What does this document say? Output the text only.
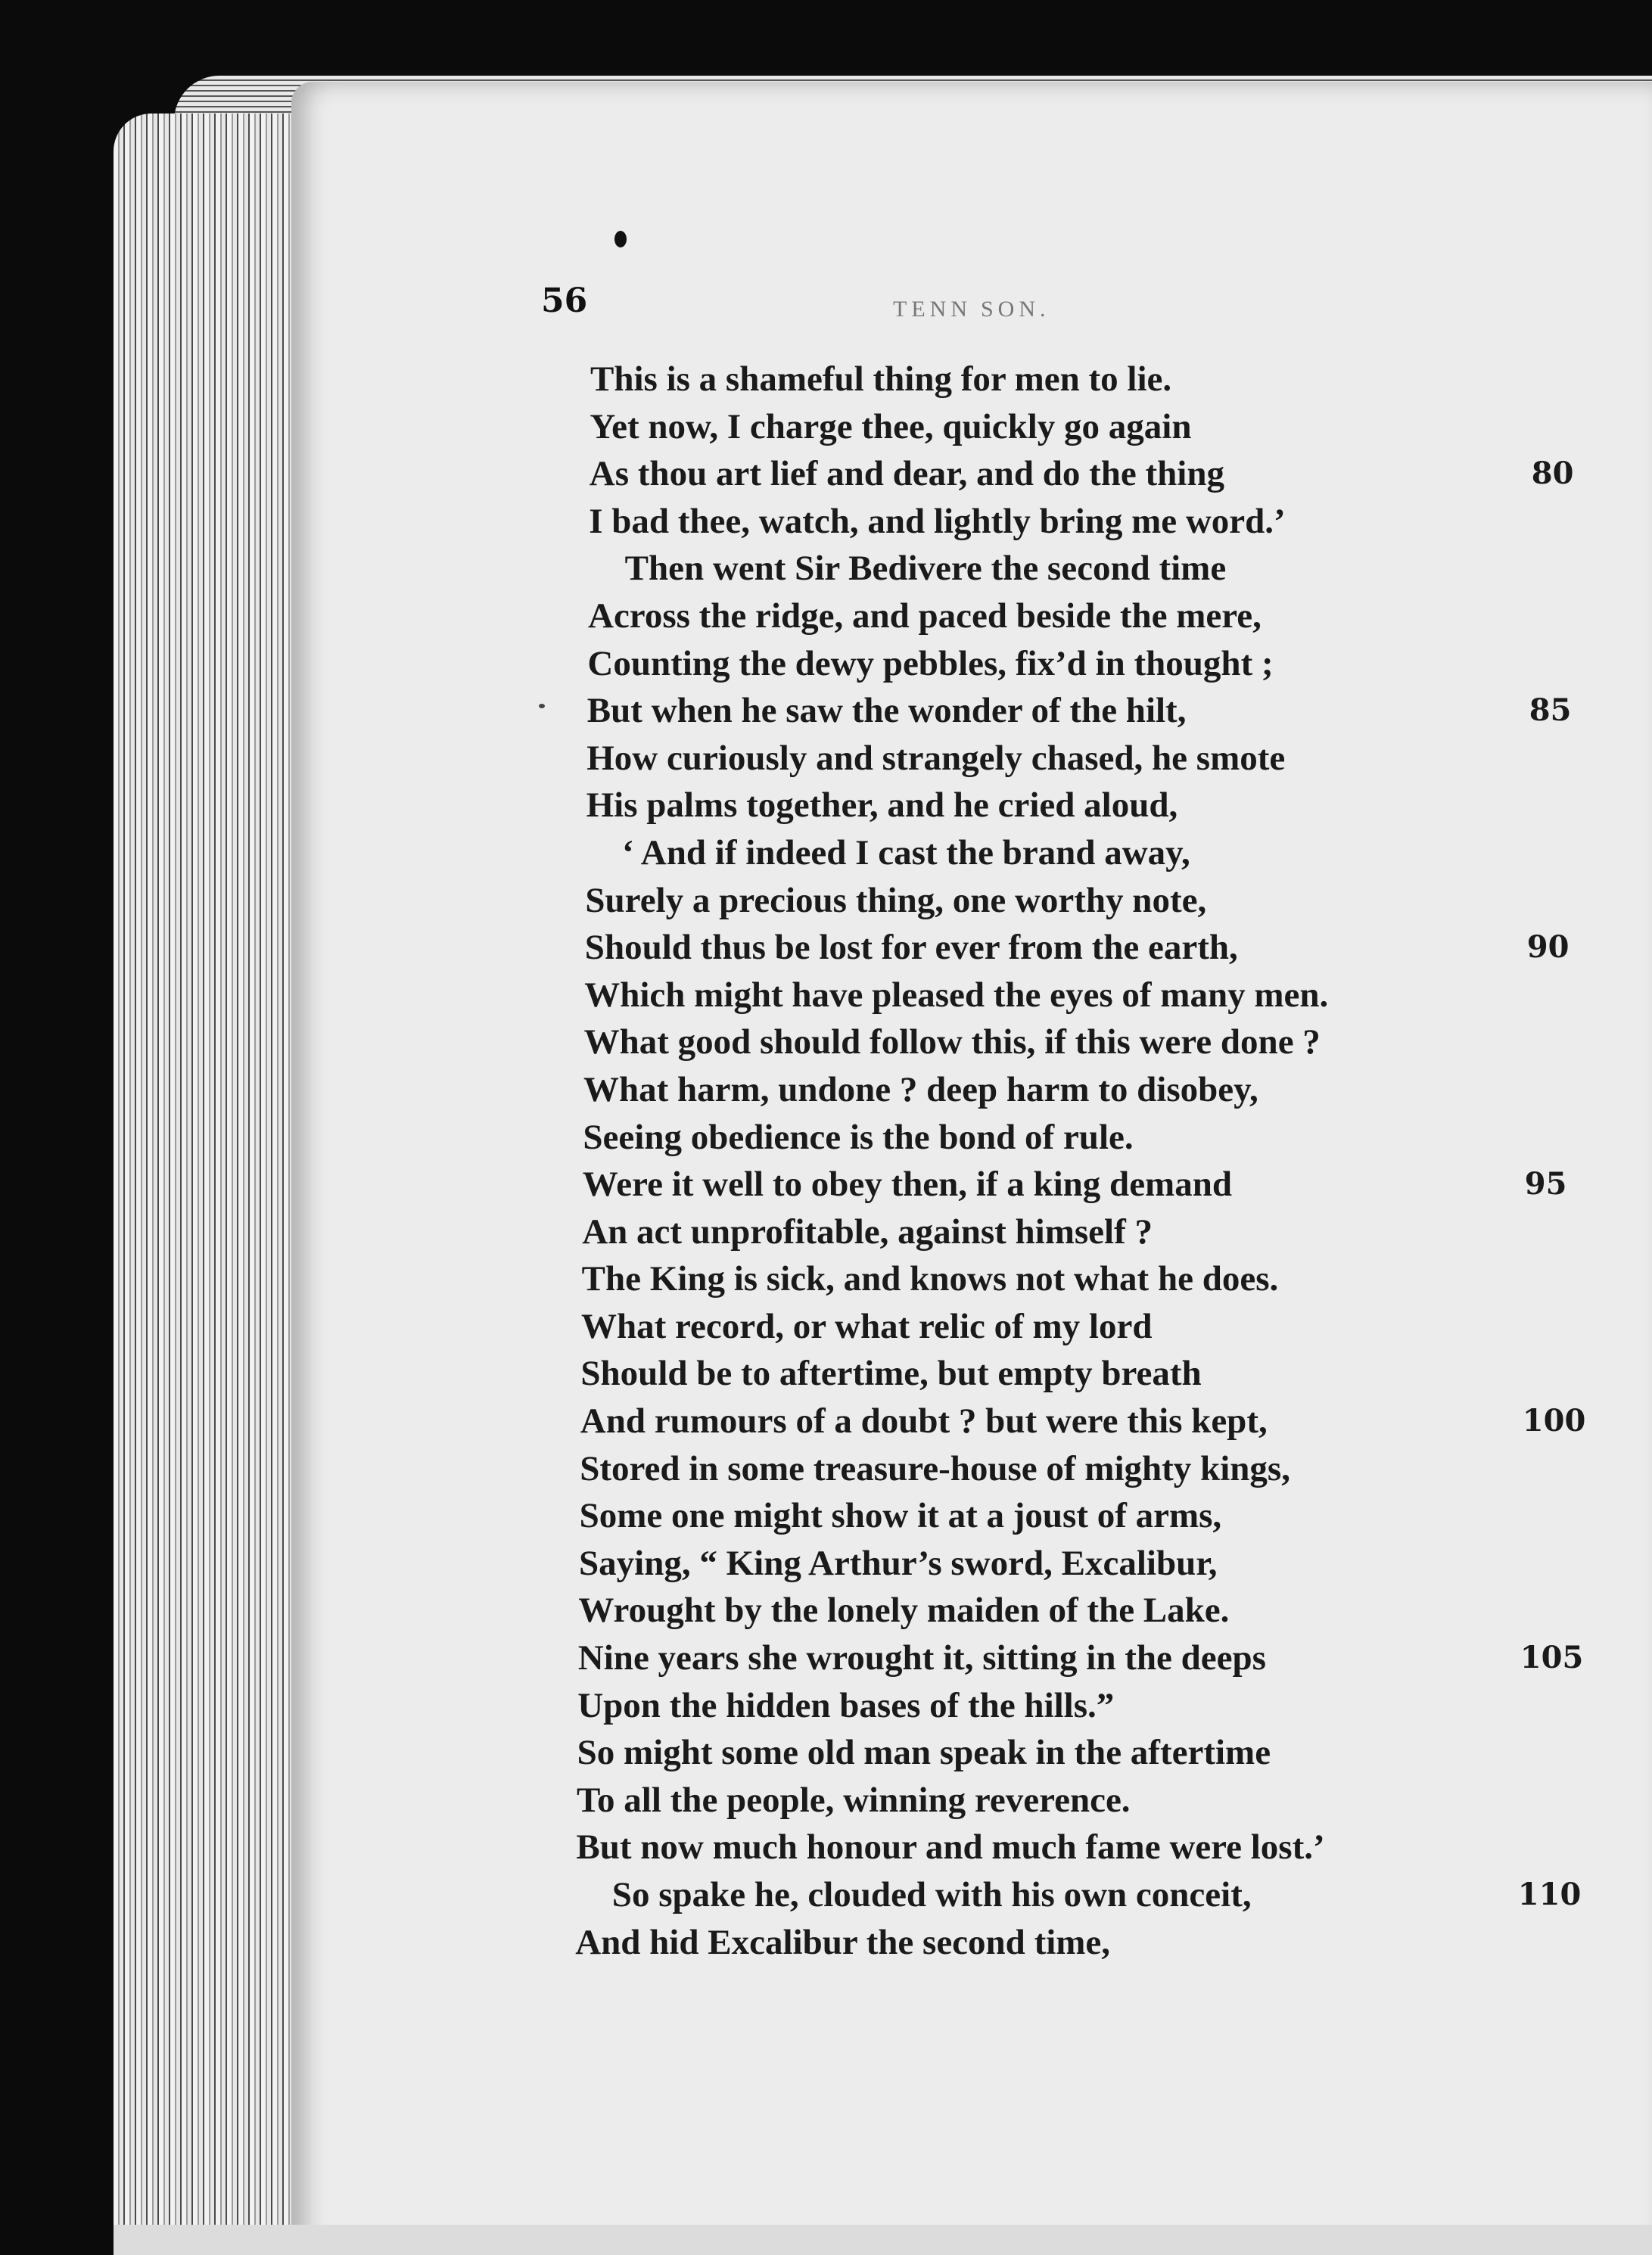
56	TENN SON.
This is a shameful thing for men to lie.
Yet now, I charge thee, quickly go again
As thou art lief and dear, and do the thing	80
I bad thee, watch, and lightly bring me word.’
Then went Sir Bedivere the second time
Across the ridge, and paced beside the mere,
Counting the dewy pebbles, fix’d in thought ;
But when he saw the wonder of the hilt,	85
How curiously and strangely chased, he smote
His palms together, and he cried aloud,
‘ And if indeed I cast the brand away,
Surely a precious thing, one worthy note,
Should thus be lost for ever from the earth,	90
Which might have pleased the eyes of many men.
What good should follow this, if this were done ?
What harm, undone ? deep harm to disobey,
Seeing obedience is the bond of rule.
Were it well to obey then, if a king demand	95
An act unprofitable, against himself ?
The King is sick, and knows not what he does.
What record, or what relic of my lord
Should be to aftertime, but empty breath
And rumours of a doubt ? but were this kept,	100
Stored in some treasure-house of mighty kings,
Some one might show it at a joust of arms,
Saying, “ King Arthur’s sword, Excalibur,
Wrought by the lonely maiden of the Lake.
Nine years she wrought it, sitting in the deeps	105
Upon the hidden bases of the hills.”
So might some old man speak in the aftertime
To all the people, winning reverence.
But now much honour and much fame were lost.’
So spake he, clouded with his own conceit,	110
And hid Excalibur the second time,
